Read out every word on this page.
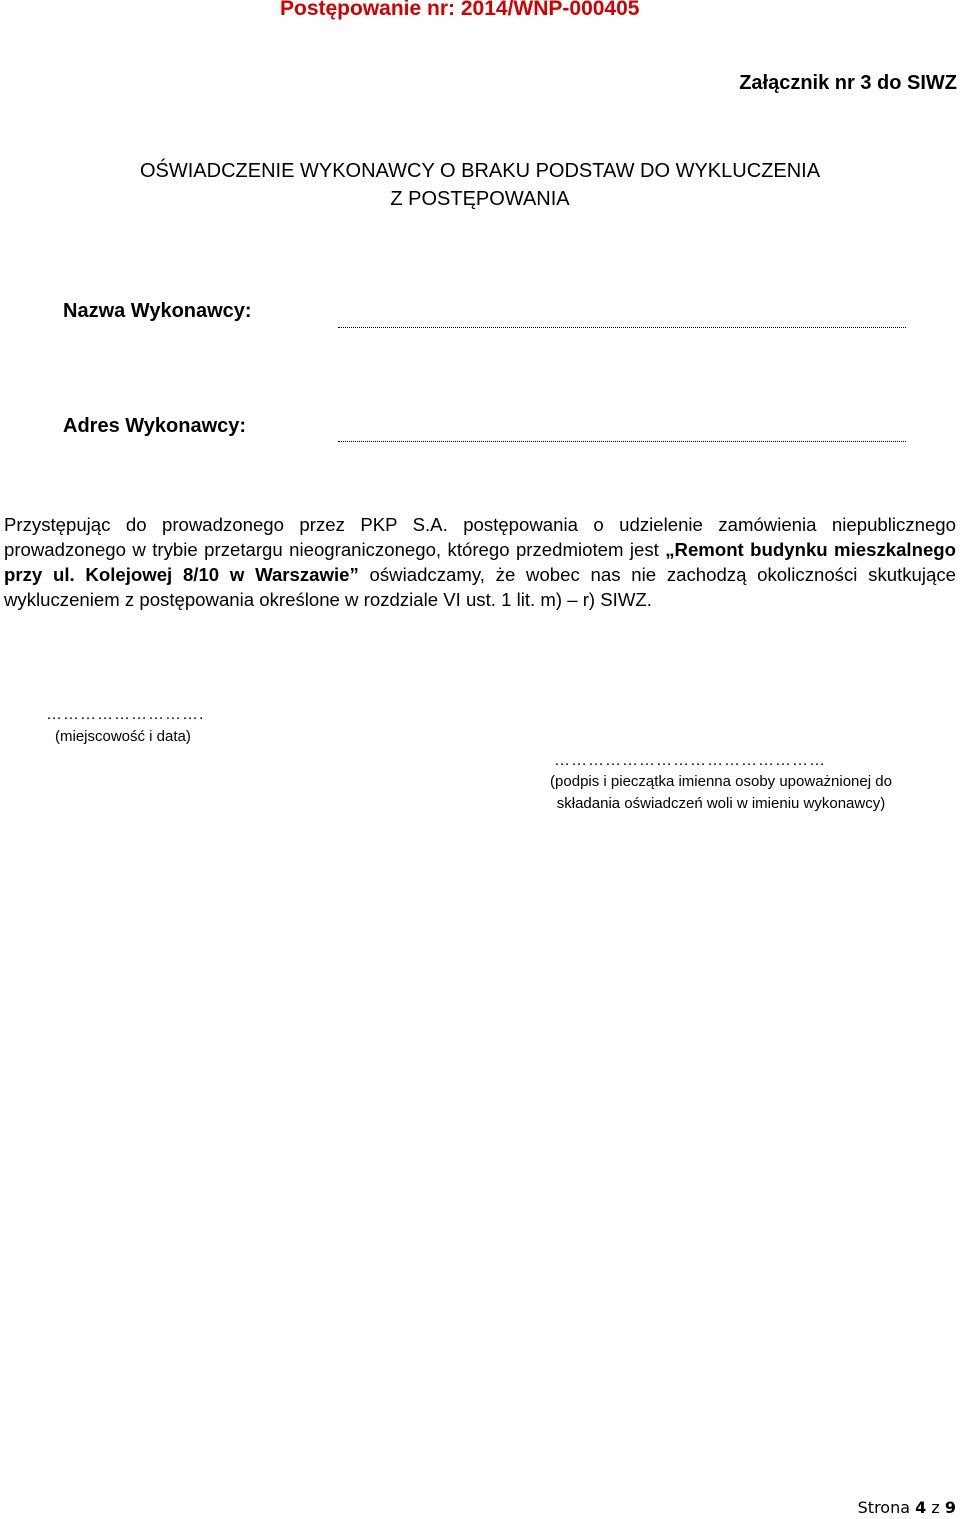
Postępowanie nr: 2014/WNP-000405
Załącznik nr 3 do SIWZ
OŚWIADCZENIE WYKONAWCY O BRAKU PODSTAW DO WYKLUCZENIA
Z POSTĘPOWANIA
Nazwa Wykonawcy:
Adres Wykonawcy:
Przystępując do prowadzonego przez PKP S.A. postępowania o udzielenie zamówienia niepublicznego prowadzonego w trybie przetargu nieograniczonego, którego przedmiotem jest „Remont budynku mieszkalnego przy ul. Kolejowej 8/10 w Warszawie” oświadczamy, że wobec nas nie zachodzą okoliczności skutkujące wykluczeniem z postępowania określone w rozdziale VI ust. 1 lit. m) – r) SIWZ.
……………………….
(miejscowość i data)
…………………………………………
(podpis i pieczątka imienna osoby upoważnionej do
składania oświadczeń woli w imieniu wykonawcy)
Strona 4 z 9
